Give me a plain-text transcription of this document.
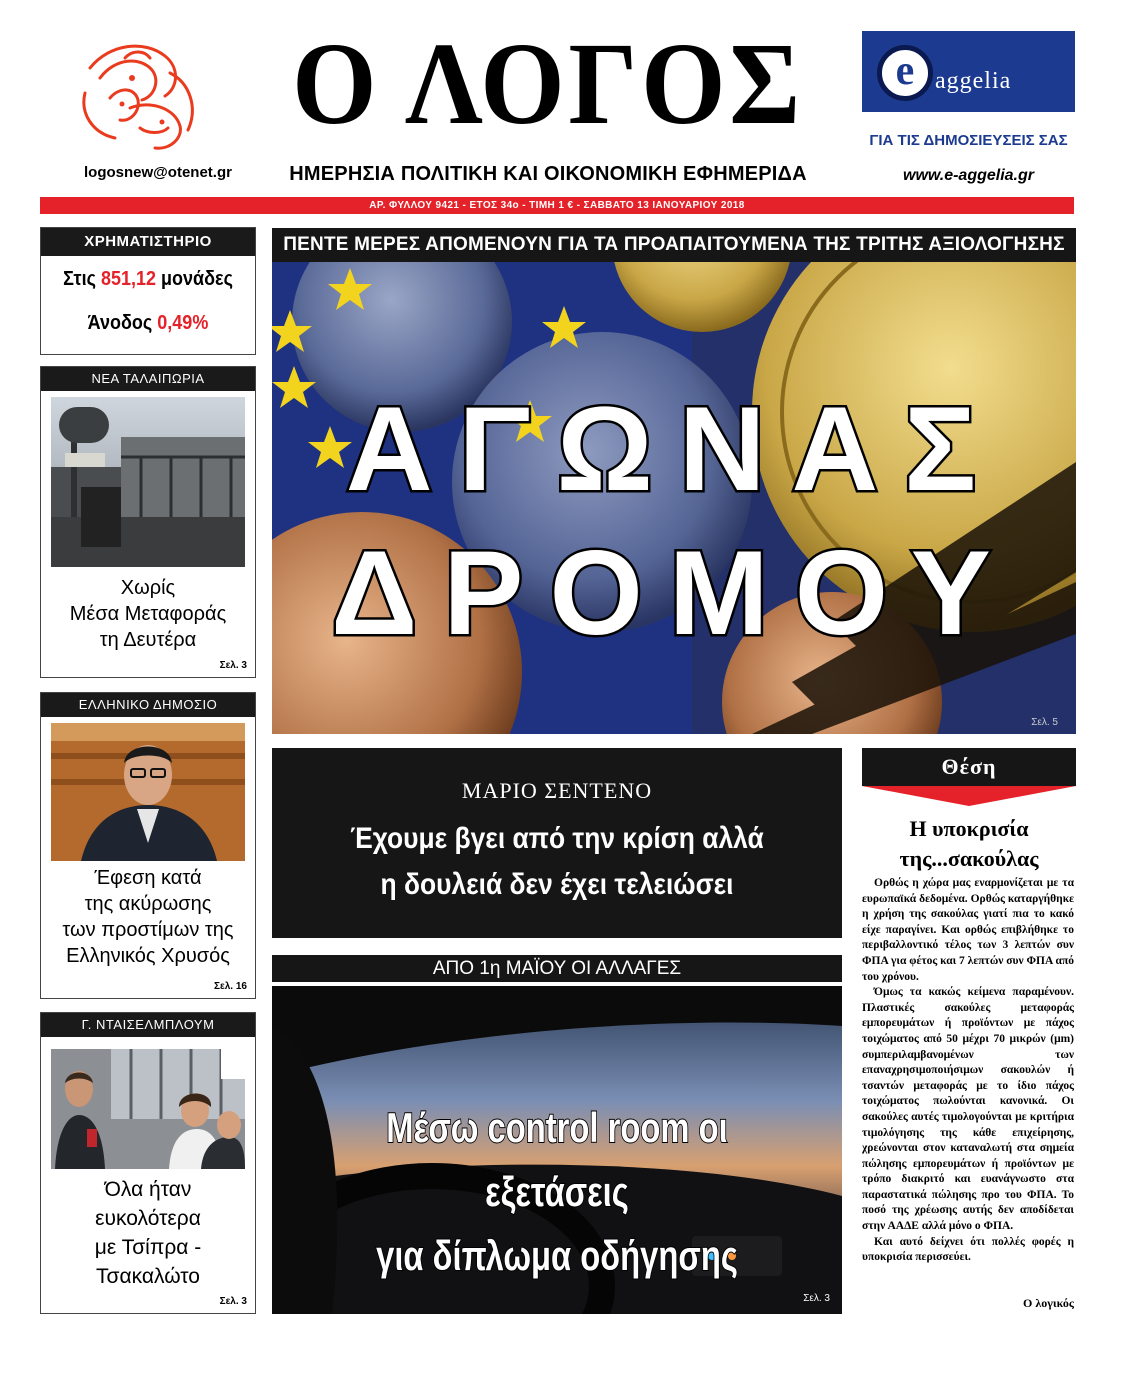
logosnew@otenet.gr
Ο ΛΟΓΟΣ
ΗΜΕΡΗΣΙΑ ΠΟΛΙΤΙΚΗ ΚΑΙ ΟΙΚΟΝΟΜΙΚΗ ΕΦΗΜΕΡΙΔΑ
e aggelia
ΓΙΑ ΤΙΣ ΔΗΜΟΣΙΕΥΣΕΙΣ ΣΑΣ
www.e-aggelia.gr
ΑΡ. ΦΥΛΛΟΥ 9421 - ΕΤΟΣ 34ο - ΤΙΜΗ 1 € - ΣΑΒΒΑΤΟ 13 ΙΑΝΟΥΑΡΙΟΥ 2018
ΧΡΗΜΑΤΙΣΤΗΡΙΟ
Στις 851,12 μονάδες
Άνοδος 0,49%
ΝΕΑ ΤΑΛΑΙΠΩΡΙΑ
Χωρίς
Μέσα Μεταφοράς
τη Δευτέρα
Σελ. 3
ΕΛΛΗΝΙΚΟ ΔΗΜΟΣΙΟ
Έφεση κατά
της ακύρωσης
των προστίμων της
Ελληνικός Χρυσός
Σελ. 16
Γ. ΝΤΑΙΣΕΛΜΠΛΟΥΜ
Όλα ήταν
ευκολότερα
με Τσίπρα -
Τσακαλώτο
Σελ. 3
ΠΕΝΤΕ ΜΕΡΕΣ ΑΠΟΜΕΝΟΥΝ ΓΙΑ ΤΑ ΠΡΟΑΠΑΙΤΟΥΜΕΝΑ ΤΗΣ ΤΡΙΤΗΣ ΑΞΙΟΛΟΓΗΣΗΣ
ΑΓΩΝΑΣ
ΔΡΟΜΟΥ
Σελ. 5
ΜΑΡΙΟ ΣΕΝΤΕΝΟ
Έχουμε βγει από την κρίση αλλά
η δουλειά δεν έχει τελειώσει
ΑΠΟ 1η ΜΑΪΟΥ ΟΙ ΑΛΛΑΓΕΣ
Μέσω control room οι εξετάσεις
για δίπλωμα οδήγησης
Σελ. 3
Θέση
Η υποκρισία
της...σακούλας

Ορθώς η χώρα μας εναρμονίζεται με τα ευρωπαϊκά δεδομένα. Ορθώς καταργήθηκε η χρήση της σακούλας γιατί πια το κακό είχε παραγίνει. Και ορθώς επιβλήθηκε το περιβαλλοντικό τέλος των 3 λεπτών συν ΦΠΑ για φέτος και 7 λεπτών συν ΦΠΑ από του χρόνου.

Όμως τα κακώς κείμενα παραμένουν. Πλαστικές σακούλες μεταφοράς εμπορευμάτων ή προϊόντων με πάχος τοιχώματος από 50 μέχρι 70 μικρών (μm) συμπεριλαμβανομένων των επαναχρησιμοποιήσιμων σακουλών ή τσαντών μεταφοράς με το ίδιο πάχος τοιχώματος πωλούνται κανονικά. Οι σακούλες αυτές τιμολογούνται με κριτήρια τιμολόγησης της κάθε επιχείρησης, χρεώνονται στον καταναλωτή στα σημεία πώλησης εμπορευμάτων ή προϊόντων με τρόπο διακριτό και ευανάγνωστο στα παραστατικά πώλησης προ του ΦΠΑ. Το ποσό της χρέωσης αυτής δεν αποδίδεται στην ΑΑΔΕ αλλά μόνο ο ΦΠΑ.

Και αυτό δείχνει ότι πολλές φορές η υποκρισία περισσεύει.

Ο λογικός
